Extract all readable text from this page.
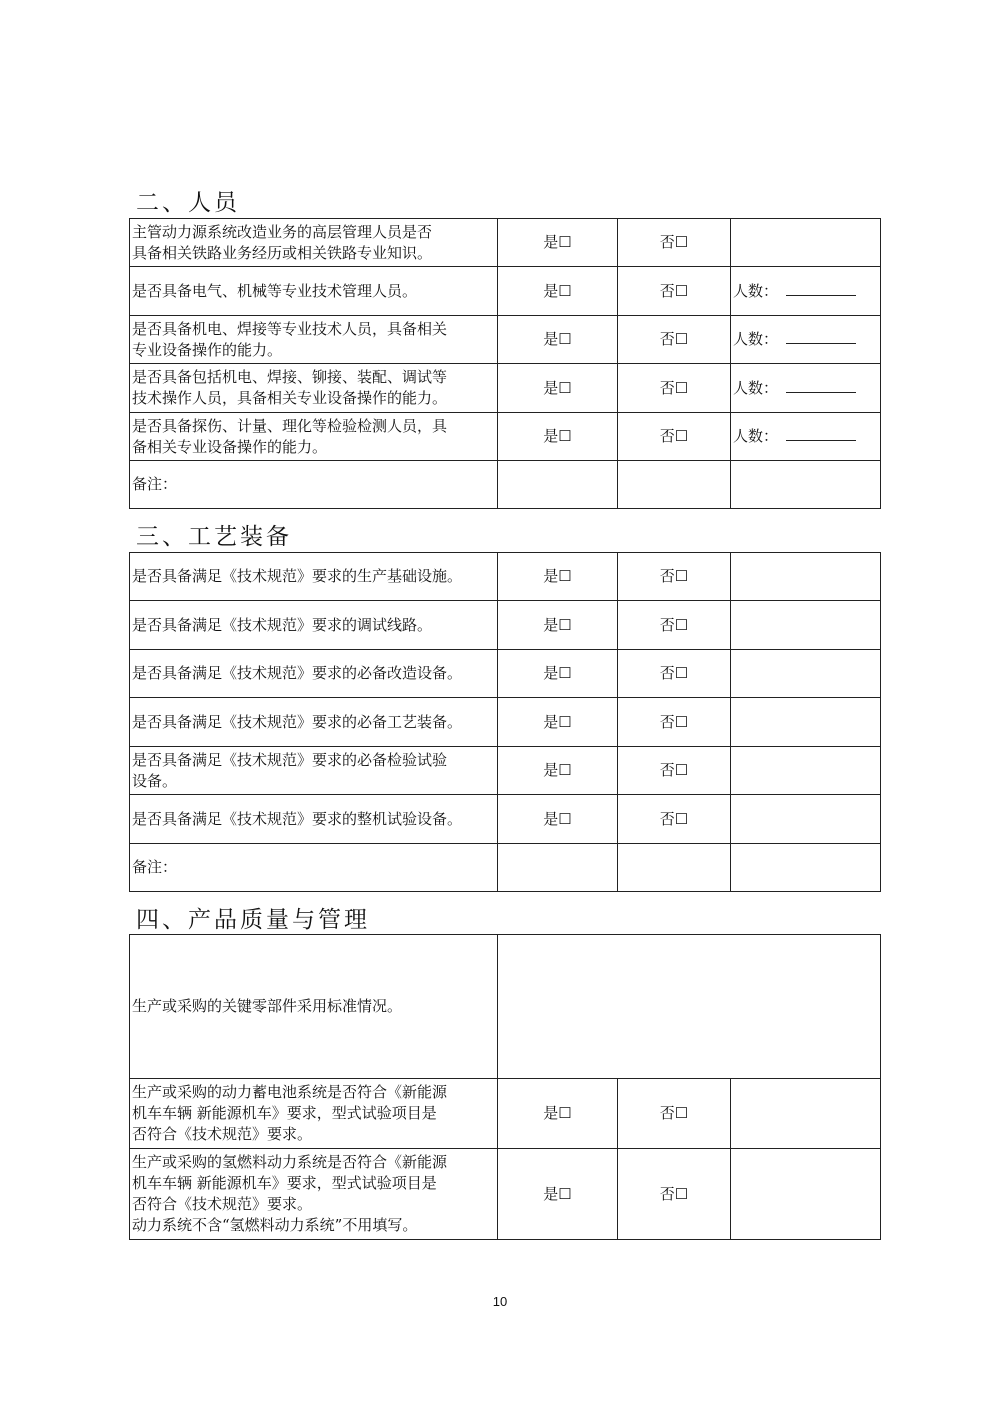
二、人员
主管动力源系统改造业务的高层管理人员是否
具备相关铁路业务经历或相关铁路专业知识。	是☐	否☐	
是否具备电气、机械等专业技术管理人员。	是☐	否☐	人数：
是否具备机电、焊接等专业技术人员，具备相关
专业设备操作的能力。	是☐	否☐	人数：
是否具备包括机电、焊接、铆接、装配、调试等
技术操作人员，具备相关专业设备操作的能力。	是☐	否☐	人数：
是否具备探伤、计量、理化等检验检测人员，具
备相关专业设备操作的能力。	是☐	否☐	人数：
备注：			
三、工艺装备
是否具备满足《技术规范》要求的生产基础设施。	是☐	否☐	
是否具备满足《技术规范》要求的调试线路。	是☐	否☐	
是否具备满足《技术规范》要求的必备改造设备。	是☐	否☐	
是否具备满足《技术规范》要求的必备工艺装备。	是☐	否☐	
是否具备满足《技术规范》要求的必备检验试验
设备。	是☐	否☐	
是否具备满足《技术规范》要求的整机试验设备。	是☐	否☐	
备注：			
四、产品质量与管理
生产或采购的关键零部件采用标准情况。			
生产或采购的动力蓄电池系统是否符合《新能源
机车车辆 新能源机车》要求，型式试验项目是
否符合《技术规范》要求。	是☐	否☐	
生产或采购的氢燃料动力系统是否符合《新能源
机车车辆 新能源机车》要求，型式试验项目是
否符合《技术规范》要求。
动力系统不含“氢燃料动力系统”不用填写。	是☐	否☐	
10
